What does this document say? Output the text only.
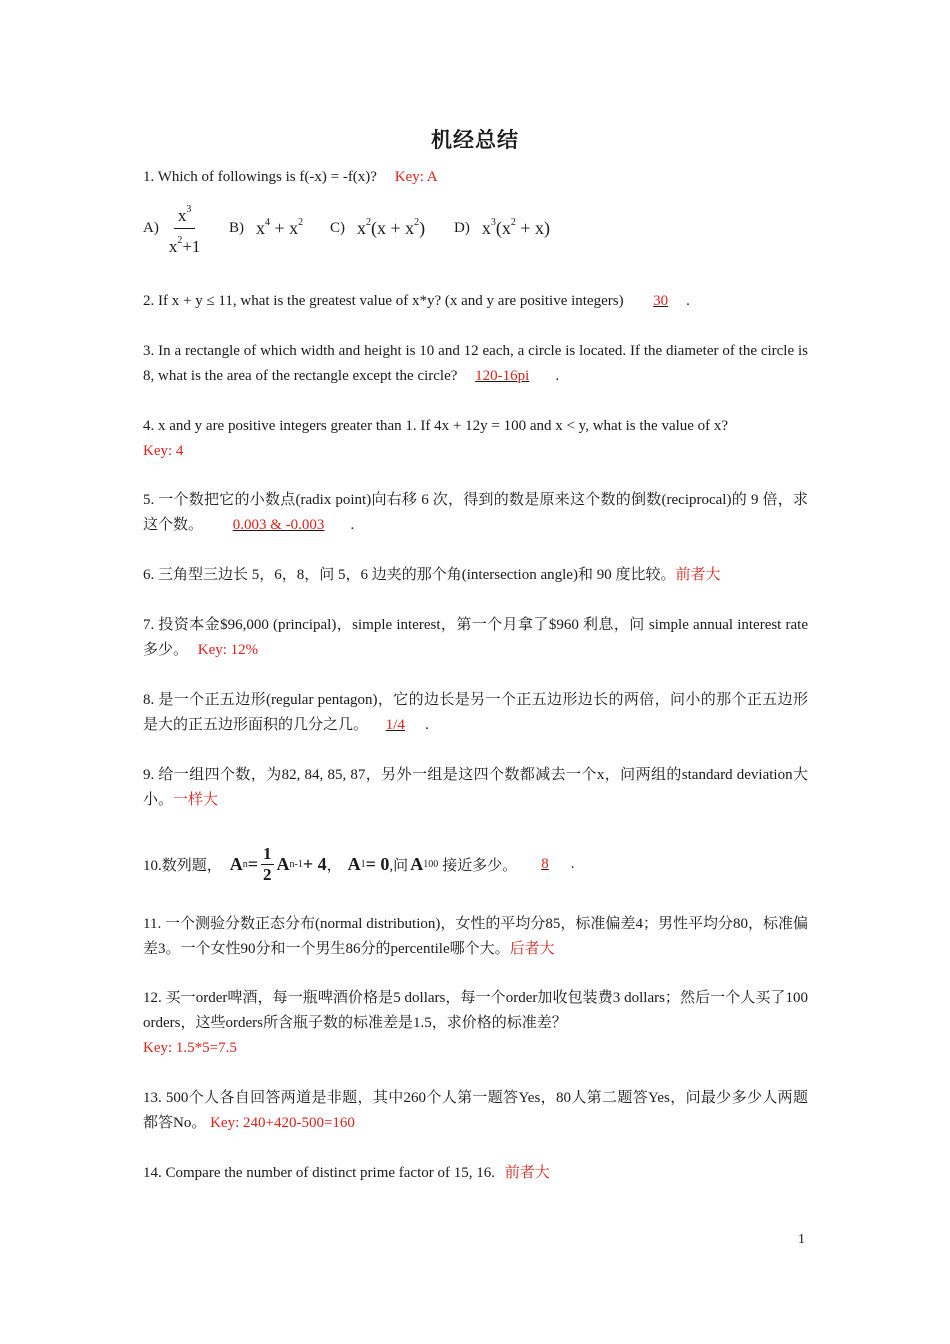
机经总结
1. Which of followings is f(-x) = -f(x)? Key: A
$A) \frac{x^3}{x^2+1} B$) $x^4 + x^2$ C) $x^2(x + x^2)$ D) $x^3(x^2 + x)$
2. If x + y ≤ 11, what is the greatest value of x*y? (x and y are positive integers) 30 .
3. In a rectangle of which width and height is 10 and 12 each, a circle is located. If the diameter of the circle is 8, what is the area of the rectangle except the circle? 120-16pi .
4. x and y are positive integers greater than 1. If 4x + 12y = 100 and x < y, what is the value of x?
Key: 4
5. 一个数把它的小数点(radix point)向右移 6 次，得到的数是原来这个数的倒数(reciprocal)的 9 倍，求这个数。 0.003 & -0.003 .
6. 三角型三边长 5，6，8，问 5，6 边夹的那个角(intersection angle)和 90 度比较。前者大
7. 投资本金$96,000 (principal)，simple interest，第一个月拿了$960 利息，问 simple annual interest rate 多少。 Key: 12%
8. 是一个正五边形(regular pentagon)，它的边长是另一个正五边形边长的两倍，问小的那个正五边形是大的正五边形面积的几分之几。 1/4 .
9. 给一组四个数，为82, 84, 85, 87，另外一组是这四个数都减去一个x，问两组的standard deviation大小。一样大
10.数列题， A $n = \frac{1}{2}$ A n-1 + 4 ， A 1 = 0 ,问 A 100 接近多少。	8	.
11. 一个测验分数正态分布(normal distribution)，女性的平均分85，标准偏差4；男性平均分80，标准偏差3。一个女性90分和一个男生86分的percentile哪个大。后者大
12. 买一order啤酒，每一瓶啤酒价格是5 dollars，每一个order加收包装费3 dollars；然后一个人买了100 orders，这些orders所含瓶子数的标准差是1.5，求价格的标准差？
Key: 1.5*5=7.5
13. 500个人各自回答两道是非题，其中260个人第一题答Yes，80人第二题答Yes，问最少多少人两题都答No。 Key: 240+420-500=160
14. Compare the number of distinct prime factor of 15, 16. 前者大
1
